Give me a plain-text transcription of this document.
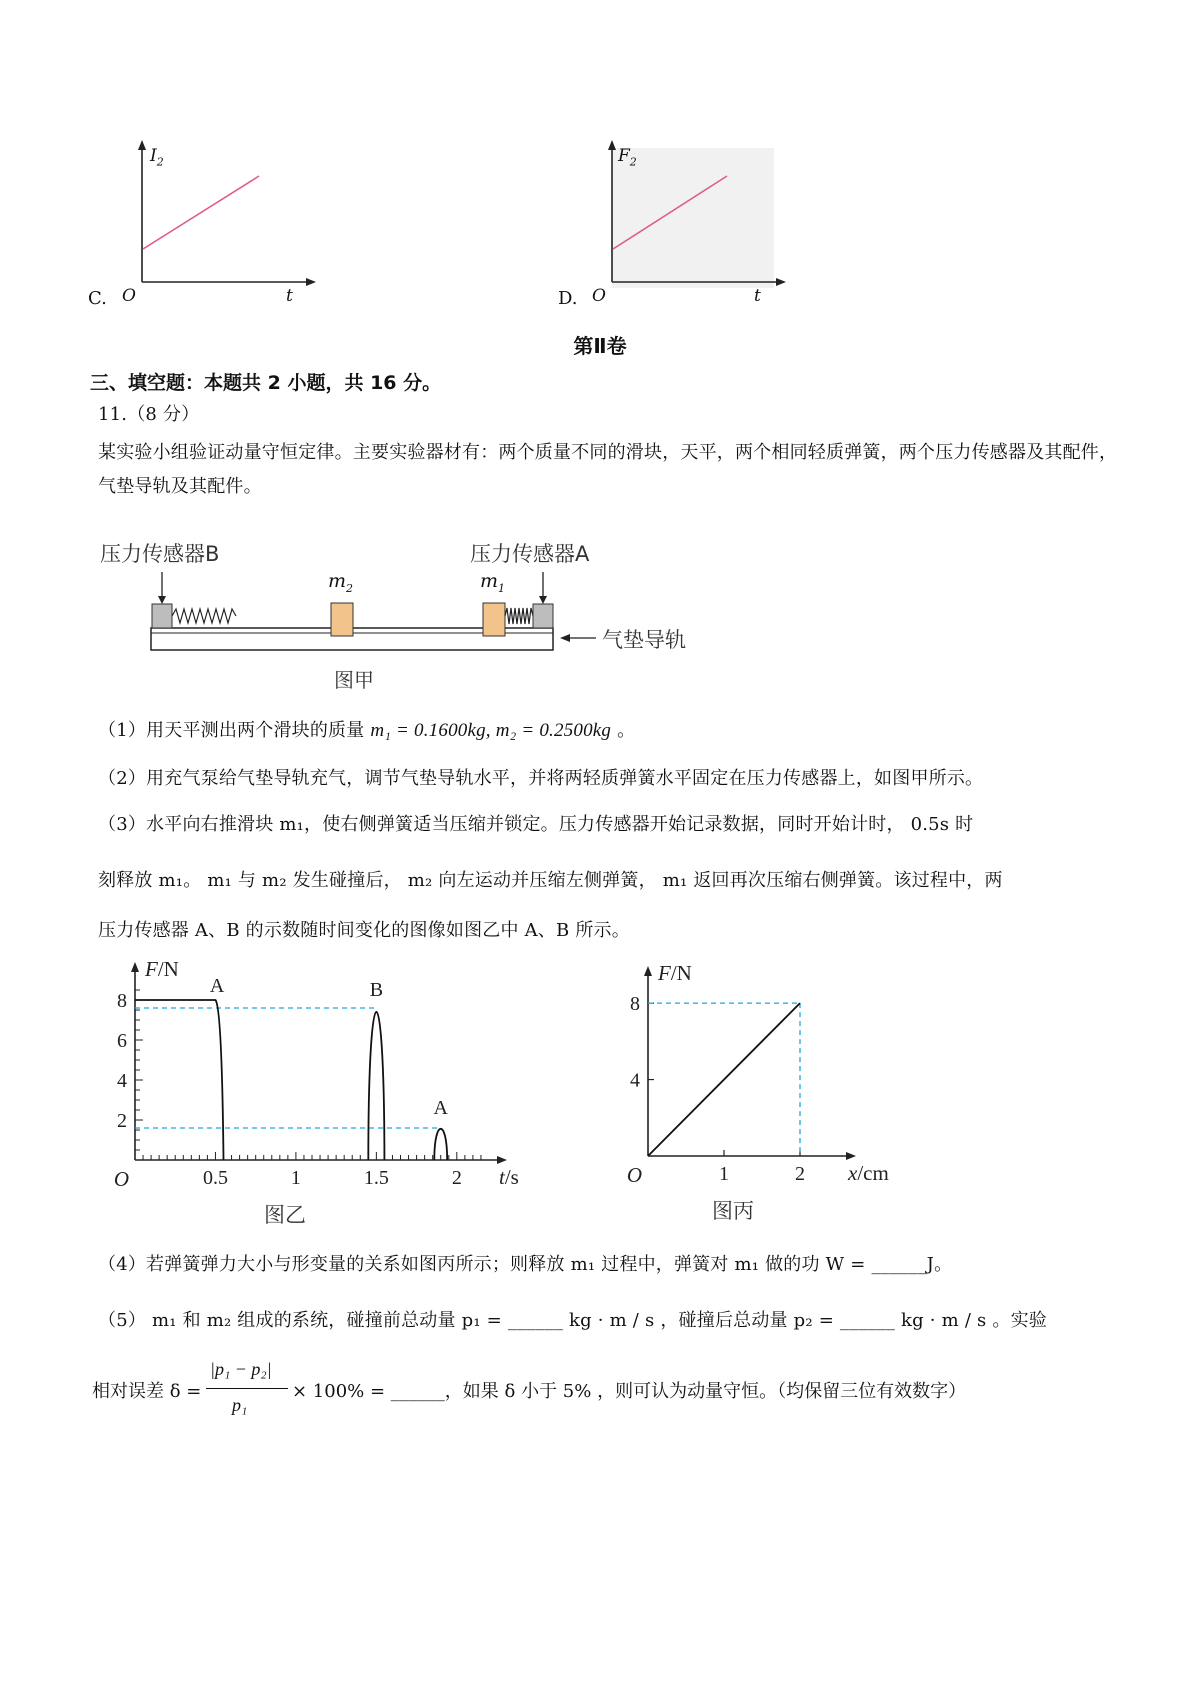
C.
$I_2$
O	t	D.
$F_2$
O	t
第Ⅱ卷
三、填空题：本题共 2 小题，共 16 分。
11.（8 分）
某实验小组验证动量守恒定律。主要实验器材有：两个质量不同的滑块，天平，两个相同轻质弹簧，两个压力传感器及其配件，气垫导轨及其配件。
压力传感器B	压力传感器A
$m_2$	$m_1$
气垫导轨
图甲
（1）用天平测出两个滑块的质量 m₁ = 0.1600kg, m₂ = 0.2500kg 。
（2）用充气泵给气垫导轨充气，调节气垫导轨水平，并将两轻质弹簧水平固定在压力传感器上，如图甲所示。
（3）水平向右推滑块 m₁，使右侧弹簧适当压缩并锁定。压力传感器开始记录数据，同时开始计时， 0.5s 时
刻释放 m₁。 m₁ 与 m₂ 发生碰撞后， m₂ 向左运动并压缩左侧弹簧， m₁ 返回再次压缩右侧弹簧。该过程中，两
压力传感器 A、B 的示数随时间变化的图像如图乙中 A、B 所示。
0.5	1	1.5	2
2
4
6
8
O
F/N
t/s
图乙
A	B
A
1	2
4
8
O
F/N
x/cm
图丙
（4）若弹簧弹力大小与形变量的关系如图丙所示；则释放 m₁ 过程中，弹簧对 m₁ 做的功 W = ______J。
（5） m₁ 和 m₂ 组成的系统，碰撞前总动量 p₁ = ______ kg · m / s ，碰撞后总动量 p₂ = ______ kg · m / s 。实验
相对误差 δ =
|p₁ − p₂|
p₁
× 100% = ______，如果 δ 小于 5% ，则可认为动量守恒。（均保留三位有效数字）
